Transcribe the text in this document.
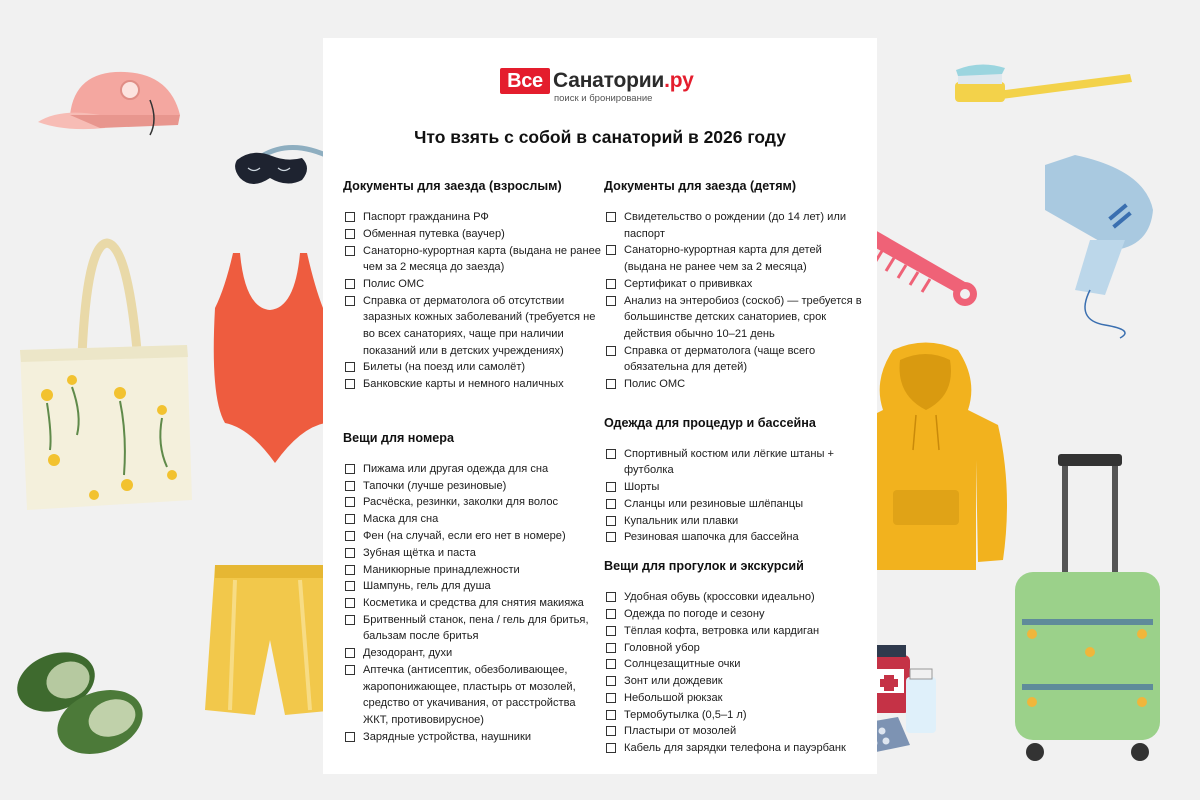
Все Санатории.ру
поиск и бронирование
Что взять с собой в санаторий в 2026 году
Документы для заезда (взрослым)
Паспорт гражданина РФ
Обменная путевка (ваучер)
Санаторно-курортная карта (выдана не ранее чем за 2 месяца до заезда)
Полис ОМС
Справка от дерматолога об отсутствии заразных кожных заболеваний (требуется не во всех санаториях, чаще при наличии показаний или в детских учреждениях)
Билеты (на поезд или самолёт)
Банковские карты и немного наличных
Вещи для номера
Пижама или другая одежда для сна
Тапочки (лучше резиновые)
Расчёска, резинки, заколки для волос
Маска для сна
Фен (на случай, если его нет в номере)
Зубная щётка и паста
Маникюрные принадлежности
Шампунь, гель для душа
Косметика и средства для снятия макияжа
Бритвенный станок, пена / гель для бритья, бальзам после бритья
Дезодорант, духи
Аптечка (антисептик, обезболивающее, жаропонижающее, пластырь от мозолей, средство от укачивания, от расстройства ЖКТ, противовирусное)
Зарядные устройства, наушники
Документы для заезда (детям)
Свидетельство о рождении (до 14 лет) или паспорт
Санаторно-курортная карта для детей (выдана не ранее чем за 2 месяца)
Сертификат о прививках
Анализ на энтеробиоз (соскоб) — требуется в большинстве детских санаториев, срок действия обычно 10–21 день
Справка от дерматолога (чаще всего обязательна для детей)
Полис ОМС
Одежда для процедур и бассейна
Спортивный костюм или лёгкие штаны + футболка
Шорты
Сланцы или резиновые шлёпанцы
Купальник или плавки
Резиновая шапочка для бассейна
Вещи для прогулок и экскурсий
Удобная обувь (кроссовки идеально)
Одежда по погоде и сезону
Тёплая кофта, ветровка или кардиган
Головной убор
Солнцезащитные очки
Зонт или дождевик
Небольшой рюкзак
Термобутылка (0,5–1 л)
Пластыри от мозолей
Кабель для зарядки телефона и пауэрбанк
